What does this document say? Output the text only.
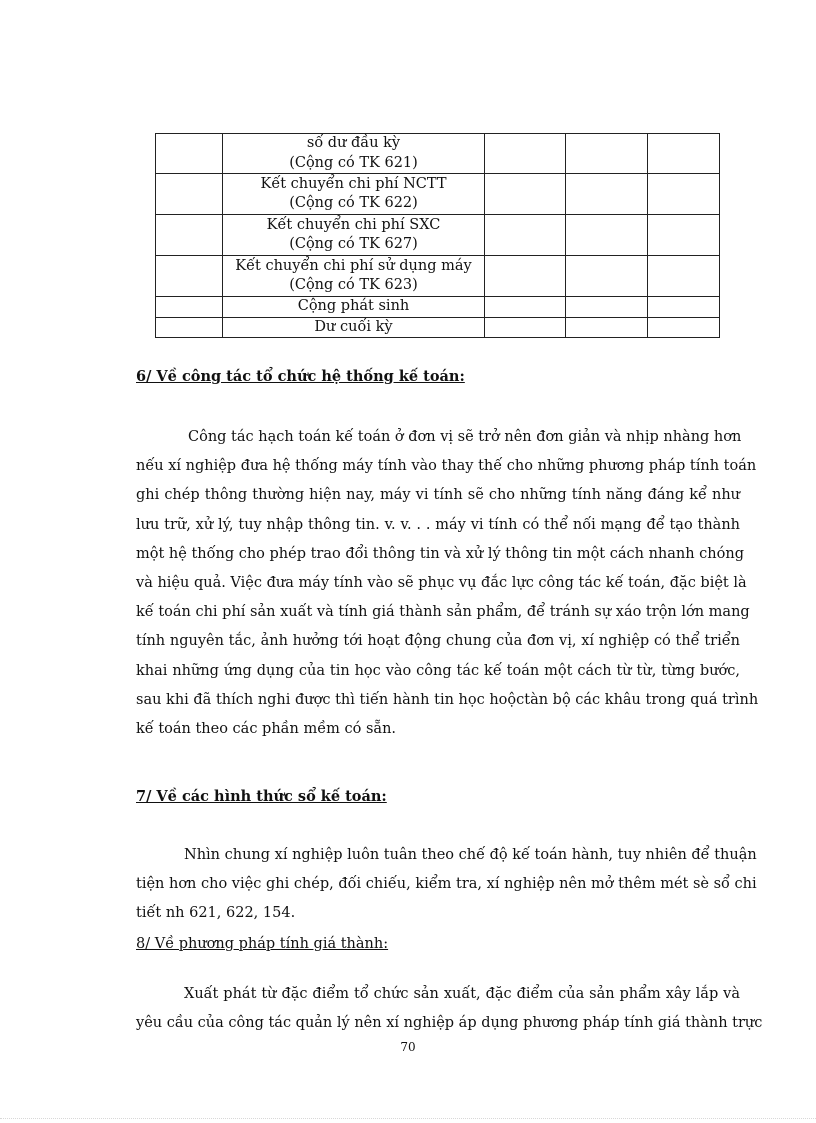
	số dư đầu kỳ
(Cộng có TK 621)			

	Kết chuyển chi phí NCTT
(Cộng có TK 622)			

	Kết chuyển chi phí SXC
(Cộng có TK 627)			

	Kết chuyển chi phí sử dụng máy
(Cộng có TK 623)			

	Cộng phát sinh			

	Dư cuối kỳ			

6/ Về công tác tổ chức hệ thống kế toán:
Công tác hạch toán kế toán ở đơn vị sẽ trở nên đơn giản và nhịp nhàng hơn
nếu xí nghiệp đưa hệ thống máy tính vào thay thế cho những phương pháp tính toán
ghi chép thông thường hiện nay, máy vi tính sẽ cho những tính năng đáng kể như
lưu trữ, xử lý, tuy nhập thông tin. v. v. . . máy vi tính có thể nối mạng để tạo thành
một hệ thống cho phép trao đổi thông tin và xử lý thông tin một cách nhanh chóng
và hiệu quả. Việc đưa máy tính vào sẽ phục vụ đắc lực công tác kế toán, đặc biệt là
kế toán chi phí sản xuất và tính giá thành sản phẩm, để tránh sự xáo trộn lớn mang
tính nguyên tắc, ảnh hưởng tới hoạt động chung của đơn vị, xí nghiệp có thể triển
khai những ứng dụng của tin học vào công tác kế toán một cách từ từ, từng bước,
sau khi đã thích nghi được thì tiến hành tin học hoộctàn bộ các khâu trong quá trình
kế toán theo các phần mềm có sẵn.
7/ Về các hình thức sổ kế toán:
Nhìn chung xí nghiệp luôn tuân theo chế độ kế toán hành, tuy nhiên để thuận
tiện hơn cho việc ghi chép, đối chiếu, kiểm tra, xí nghiệp nên mở thêm mét sè sổ chi
tiết nh 621, 622, 154.
8/ Về phương pháp tính giá thành:
Xuất phát từ đặc điểm tổ chức sản xuất, đặc điểm của sản phẩm xây lắp và
yêu cầu của công tác quản lý nên xí nghiệp áp dụng phương pháp tính giá thành trực
70
